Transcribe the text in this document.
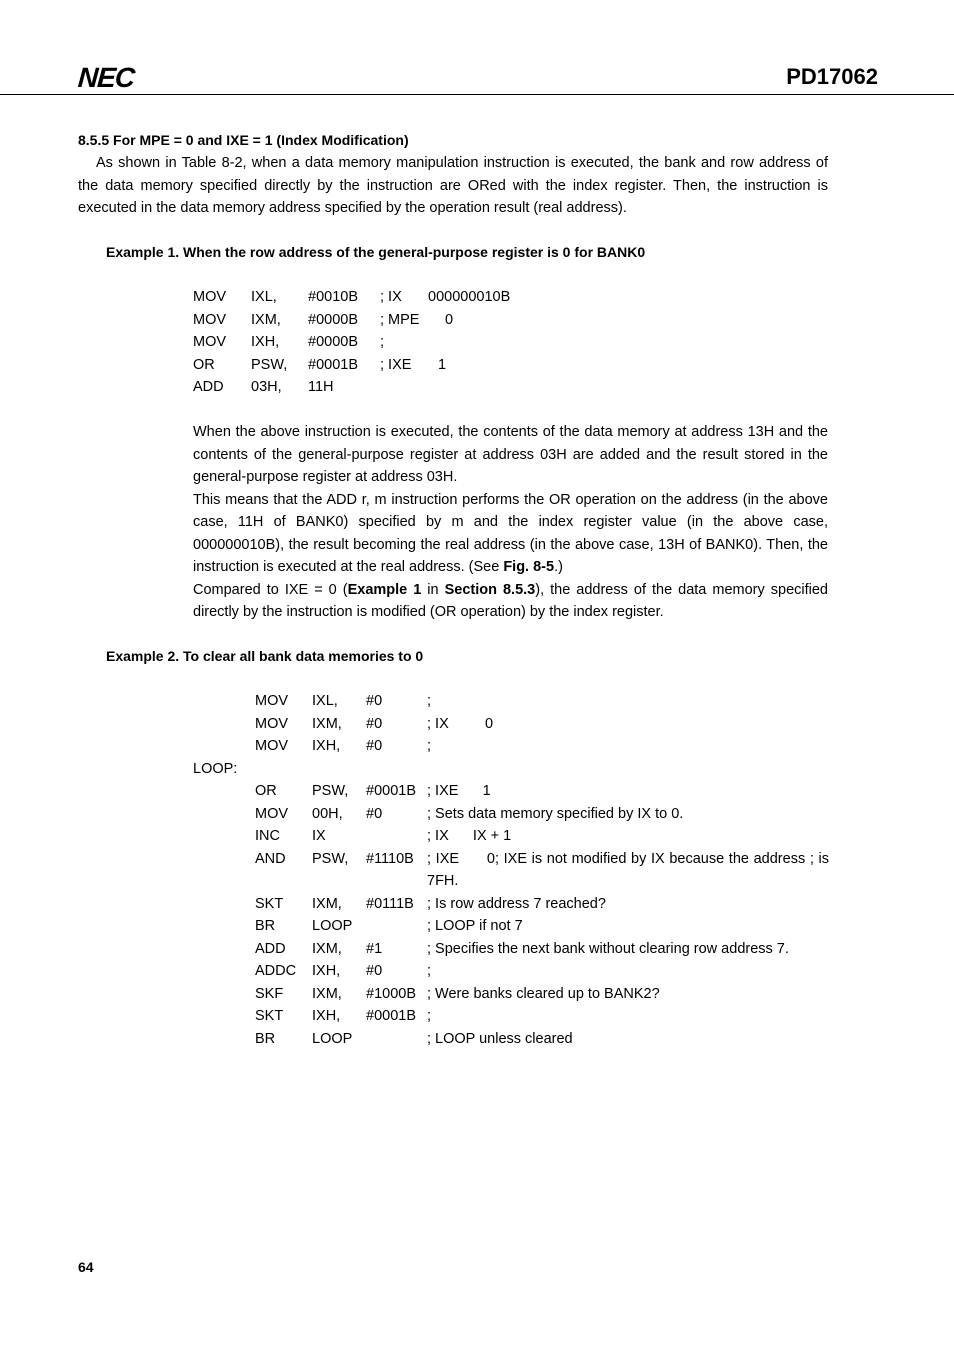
NEC	PD17062
8.5.5 For MPE = 0 and IXE = 1 (Index Modification)
As shown in Table 8-2, when a data memory manipulation instruction is executed, the bank and row address of the data memory specified directly by the instruction are ORed with the index register. Then, the instruction is executed in the data memory address specified by the operation result (real address).
Example 1. When the row address of the general-purpose register is 0 for BANK0
MOV IXL, #0010B ; IX 000000010B
MOV IXM, #0000B ; MPE 0
MOV IXH, #0000B ;
OR	PSW, #0001B ; IXE 1
ADD 03H, 11H
When the above instruction is executed, the contents of the data memory at address 13H and the contents of the general-purpose register at address 03H are added and the result stored in the general-purpose register at address 03H.
This means that the ADD r, m instruction performs the OR operation on the address (in the above case, 11H of BANK0) specified by m and the index register value (in the above case, 000000010B), the result becoming the real address (in the above case, 13H of BANK0). Then, the instruction is executed at the real address. (See Fig. 8-5.)
Compared to IXE = 0 (Example 1 in Section 8.5.3), the address of the data memory specified directly by the instruction is modified (OR operation) by the index register.
Example 2. To clear all bank data memories to 0
MOV IXL, #0	;
MOV IXM, #0	; IX 0
MOV IXH, #0	;
LOOP:
OR PSW, #0001B ; IXE      1
MOV 00H, #0	; Sets data memory specified by IX to 0.
INC IX	; IX      IX + 1
AND PSW, #1110B ; IXE      0; IXE is not modified by IX because the address ; is 7FH.
SKT IXM, #0111B ; Is row address 7 reached?
BR	LOOP	; LOOP if not 7
ADD IXM, #1	; Specifies the next bank without clearing row address 7.
ADDC IXH, #0	;
SKF IXM, #1000B ; Were banks cleared up to BANK2?
SKT IXH, #0001B ;
BR	LOOP	; LOOP unless cleared
64
